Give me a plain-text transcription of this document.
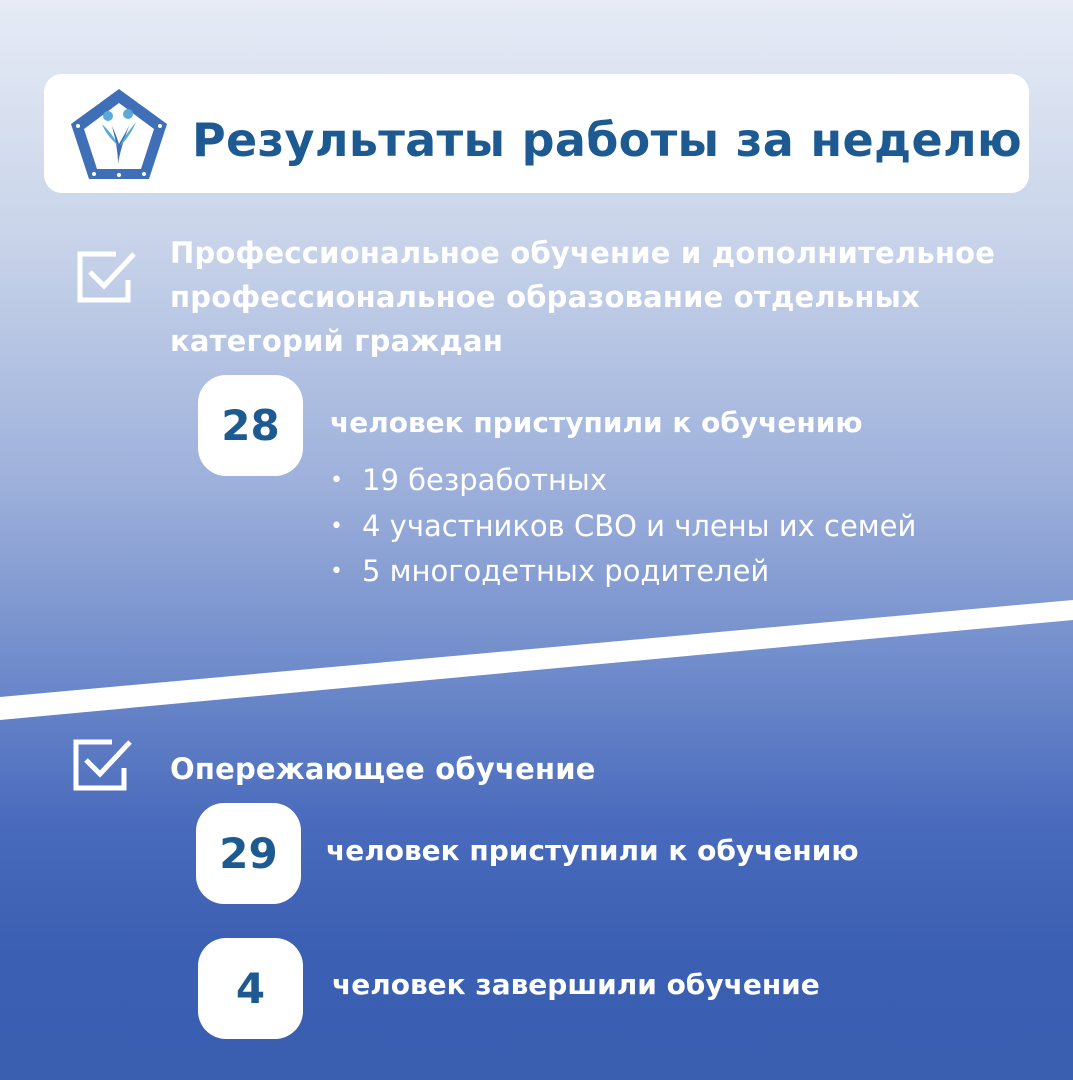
Результаты работы за неделю
Профессиональное обучение и дополнительное
профессиональное образование отдельных
категорий граждан
28	человек приступили к обучению
• 19 безработных
• 4 участников СВО и члены их семей
• 5 многодетных родителей
Опережающее обучение
29	человек приступили к обучению
4	человек завершили обучение
